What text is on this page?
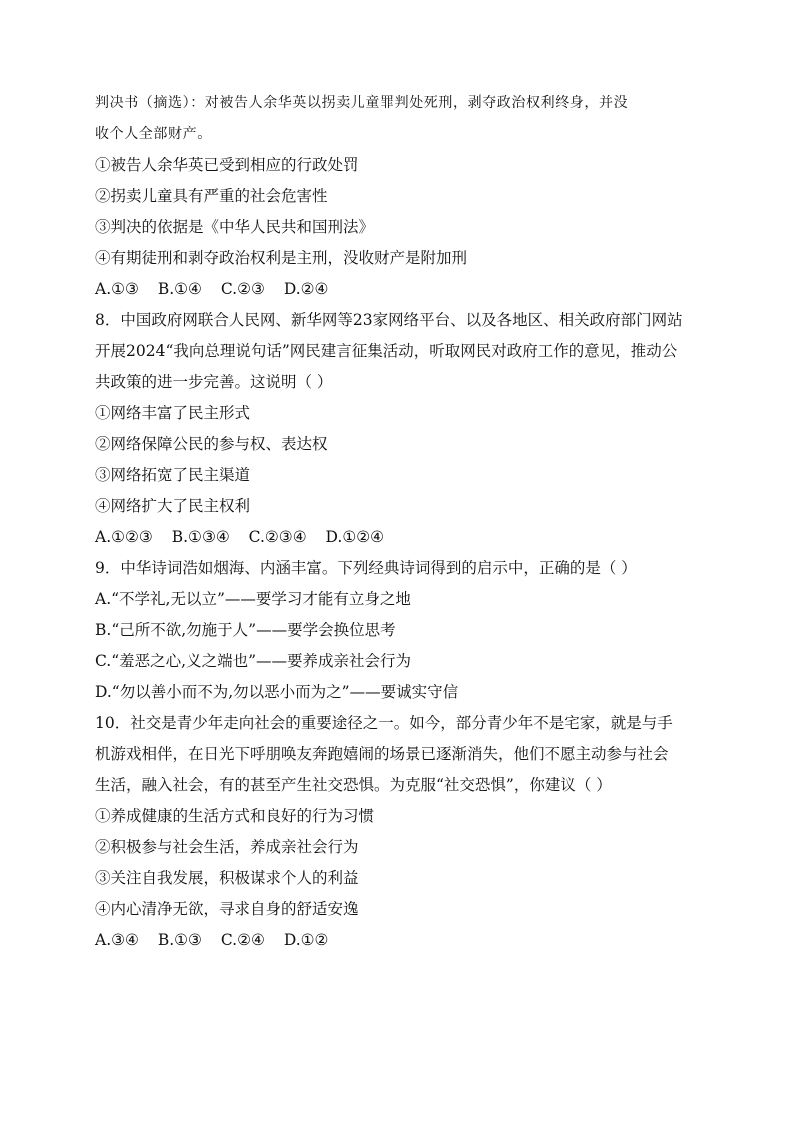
判决书（摘选）：对被告人余华英以拐卖儿童罪判处死刑，剥夺政治权利终身，并没
收个人全部财产。
①被告人余华英已受到相应的行政处罚
②拐卖儿童具有严重的社会危害性
③判决的依据是《中华人民共和国刑法》
④有期徒刑和剥夺政治权利是主刑，没收财产是附加刑
A.①③ B.①④ C.②③ D.②④
8．中国政府网联合人民网、新华网等23家网络平台、以及各地区、相关政府部门网站
开展2024“我向总理说句话”网民建言征集活动，听取网民对政府工作的意见，推动公
共政策的进一步完善。这说明（ ）
①网络丰富了民主形式
②网络保障公民的参与权、表达权
③网络拓宽了民主渠道
④网络扩大了民主权利
A.①②③ B.①③④ C.②③④ D.①②④
9．中华诗词浩如烟海、内涵丰富。下列经典诗词得到的启示中，正确的是（ ）
A.“不学礼,无以立”——要学习才能有立身之地
B.“己所不欲,勿施于人”——要学会换位思考
C.“羞恶之心,义之端也”——要养成亲社会行为
D.“勿以善小而不为,勿以恶小而为之”——要诚实守信
10．社交是青少年走向社会的重要途径之一。如今，部分青少年不是宅家，就是与手
机游戏相伴，在日光下呼朋唤友奔跑嬉闹的场景已逐渐消失，他们不愿主动参与社会
生活，融入社会，有的甚至产生社交恐惧。为克服“社交恐惧”，你建议（ ）
①养成健康的生活方式和良好的行为习惯
②积极参与社会生活，养成亲社会行为
③关注自我发展，积极谋求个人的利益
④内心清净无欲，寻求自身的舒适安逸
A.③④ B.①③ C.②④ D.①②
